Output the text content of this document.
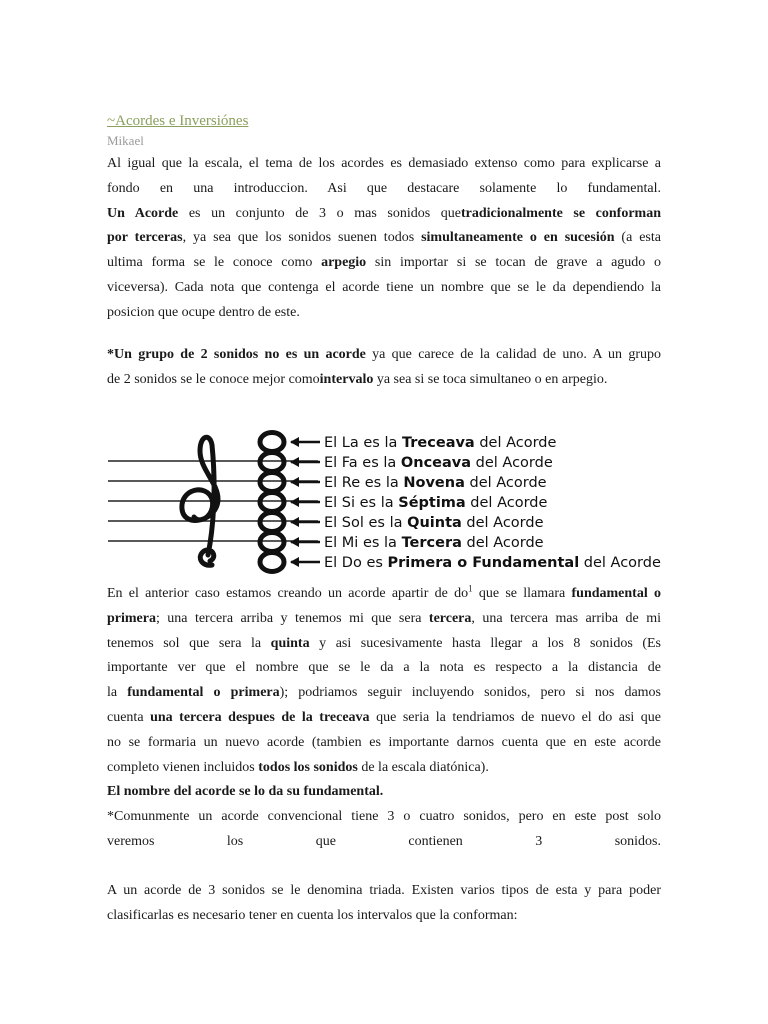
~Acordes e Inversiónes
Mikael
Al igual que la escala, el tema de los acordes es demasiado extenso como para explicarse a
fondo en una introduccion. Asi que destacare solamente lo fundamental.
Un Acorde es un conjunto de 3 o mas sonidos quetradicionalmente se conforman
por terceras, ya sea que los sonidos suenen todos simultaneamente o en sucesión (a esta
ultima forma se le conoce como arpegio sin importar si se tocan de grave a agudo o
viceversa). Cada nota que contenga el acorde tiene un nombre que se le da dependiendo la
posicion que ocupe dentro de este.
*Un grupo de 2 sonidos no es un acorde ya que carece de la calidad de uno. A un grupo
de 2 sonidos se le conoce mejor comointervalo ya sea si se toca simultaneo o en arpegio.
El La es la Treceava del Acorde
El Fa es la Onceava del Acorde
El Re es la Novena del Acorde
El Si es la Séptima del Acorde
El Sol es la Quinta del Acorde
El Mi es la Tercera del Acorde
El Do es Primera o Fundamental del Acorde
En el anterior caso estamos creando un acorde apartir de $do^1$ que se llamara fundamental o
primera; una tercera arriba y tenemos mi que sera tercera, una tercera mas arriba de mi
tenemos sol que sera la quinta y asi sucesivamente hasta llegar a los 8 sonidos (Es
importante ver que el nombre que se le da a la nota es respecto a la distancia de
la fundamental o primera); podriamos seguir incluyendo sonidos, pero si nos damos
cuenta una tercera despues de la treceava que seria la tendriamos de nuevo el do asi que
no se formaria un nuevo acorde (tambien es importante darnos cuenta que en este acorde
completo vienen incluidos todos los sonidos de la escala diatónica).
El nombre del acorde se lo da su fundamental.
*Comunmente un acorde convencional tiene 3 o cuatro sonidos, pero en este post solo
veremos los que contienen 3 sonidos.
A un acorde de 3 sonidos se le denomina triada. Existen varios tipos de esta y para poder
clasificarlas es necesario tener en cuenta los intervalos que la conforman:
